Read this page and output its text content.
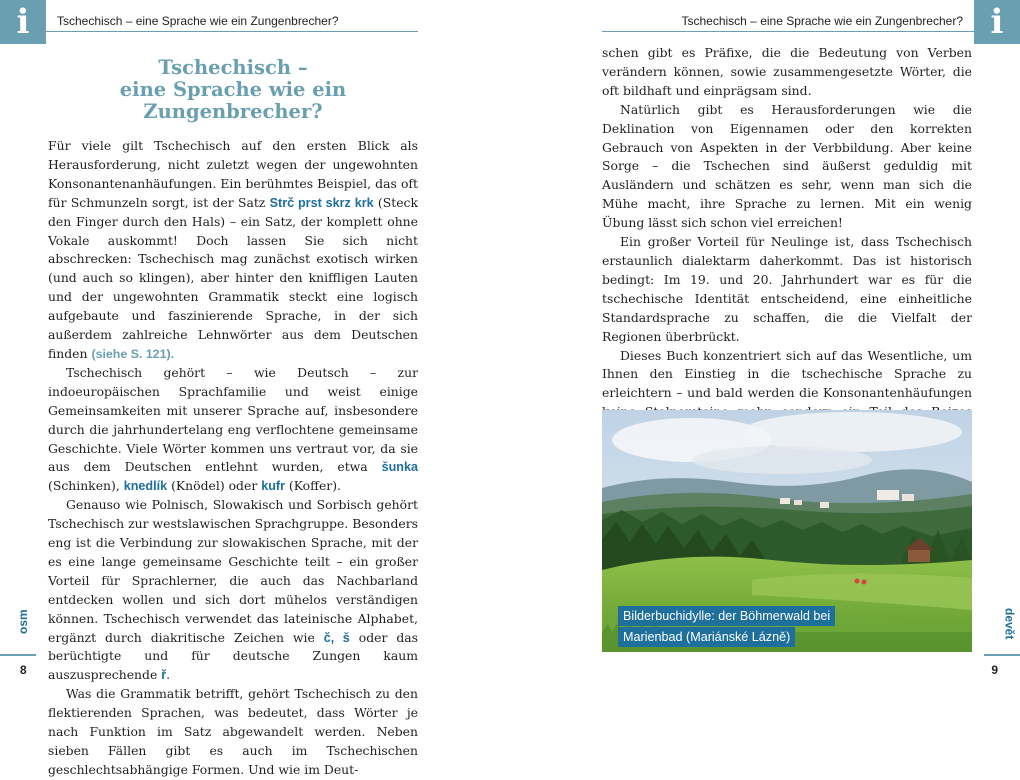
i	Tschechisch – eine Sprache wie ein Zungenbrecher?
Tschechisch –
eine Sprache wie ein Zungenbrecher?

Für viele gilt Tschechisch auf den ersten Blick als Herausforderung, nicht zuletzt wegen der ungewohnten Konsonantenanhäufungen. Ein berühmtes Beispiel, das oft für Schmunzeln sorgt, ist der Satz Strč prst skrz krk (Steck den Finger durch den Hals) – ein Satz, der komplett ohne Vokale auskommt! Doch lassen Sie sich nicht abschrecken: Tschechisch mag zunächst exotisch wirken (und auch so klingen), aber hinter den kniffligen Lauten und der ungewohnten Grammatik steckt eine logisch aufgebaute und faszinierende Sprache, in der sich außerdem zahlreiche Lehnwörter aus dem Deutschen finden (siehe S. 121).

Tschechisch gehört – wie Deutsch – zur indoeuropäischen Sprachfamilie und weist einige Gemeinsamkeiten mit unserer Sprache auf, insbesondere durch die jahrhundertelang eng verflochtene gemeinsame Geschichte. Viele Wörter kommen uns vertraut vor, da sie aus dem Deutschen entlehnt wurden, etwa šunka (Schinken), knedlík (Knödel) oder kufr (Koffer).

Genauso wie Polnisch, Slowakisch und Sorbisch gehört Tschechisch zur westslawischen Sprachgruppe. Besonders eng ist die Verbindung zur slowakischen Sprache, mit der es eine lange gemeinsame Geschichte teilt – ein großer Vorteil für Sprachlerner, die auch das Nachbarland entdecken wollen und sich dort mühelos verständigen können. Tschechisch verwendet das lateinische Alphabet, ergänzt durch diakritische Zeichen wie č, š oder das berüchtigte und für deutsche Zungen kaum auszusprechende ř.

Was die Grammatik betrifft, gehört Tschechisch zu den flektierenden Sprachen, was bedeutet, dass Wörter je nach Funktion im Satz abgewandelt werden. Neben sieben Fällen gibt es auch im Tschechischen geschlechtsabhängige Formen. Und wie im Deut-

osm
8
i
Tschechisch – eine Sprache wie ein Zungenbrecher?

schen gibt es Präfixe, die die Bedeutung von Verben verändern können, sowie zusammengesetzte Wörter, die oft bildhaft und einprägsam sind.

Natürlich gibt es Herausforderungen wie die Deklination von Eigennamen oder den korrekten Gebrauch von Aspekten in der Verbbildung. Aber keine Sorge – die Tschechen sind äußerst geduldig mit Ausländern und schätzen es sehr, wenn man sich die Mühe macht, ihre Sprache zu lernen. Mit ein wenig Übung lässt sich schon viel erreichen!

Ein großer Vorteil für Neulinge ist, dass Tschechisch erstaunlich dialektarm daherkommt. Das ist historisch bedingt: Im 19. und 20. Jahrhundert war es für die tschechische Identität entscheidend, eine einheitliche Standardsprache zu schaffen, die die Vielfalt der Regionen überbrückt.

Dieses Buch konzentriert sich auf das Wesentliche, um Ihnen den Einstieg in die tschechische Sprache zu erleichtern – und bald werden die Konsonantenhäufungen

Bilderbuchidylle: der Böhmerwald bei
Marienbad (Mariánské Lázně)	devět
9
